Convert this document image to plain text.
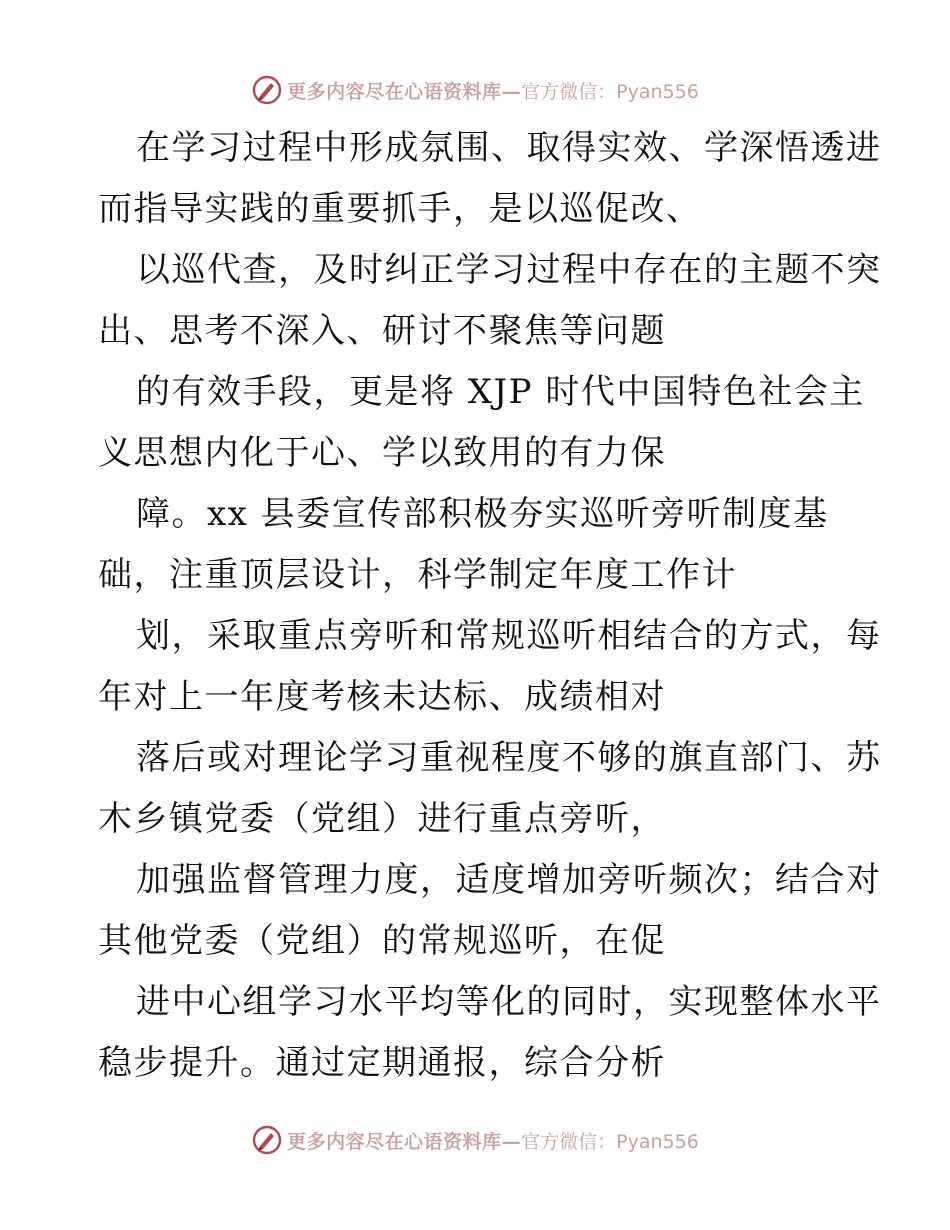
更多内容尽在心语资料库— 官方微信：Pyan556
在学习过程中形成氛围、取得实效、学深悟透进
而指导实践的重要抓手，是以巡促改、
以巡代查，及时纠正学习过程中存在的主题不突
出、思考不深入、研讨不聚焦等问题
的有效手段，更是将 XJP 时代中国特色社会主
义思想内化于心、学以致用的有力保
障。xx 县委宣传部积极夯实巡听旁听制度基
础，注重顶层设计，科学制定年度工作计
划，采取重点旁听和常规巡听相结合的方式，每
年对上一年度考核未达标、成绩相对
落后或对理论学习重视程度不够的旗直部门、苏
木乡镇党委（党组）进行重点旁听，
加强监督管理力度，适度增加旁听频次；结合对
其他党委（党组）的常规巡听，在促
进中心组学习水平均等化的同时，实现整体水平
稳步提升。通过定期通报，综合分析
更多内容尽在心语资料库— 官方微信：Pyan556
